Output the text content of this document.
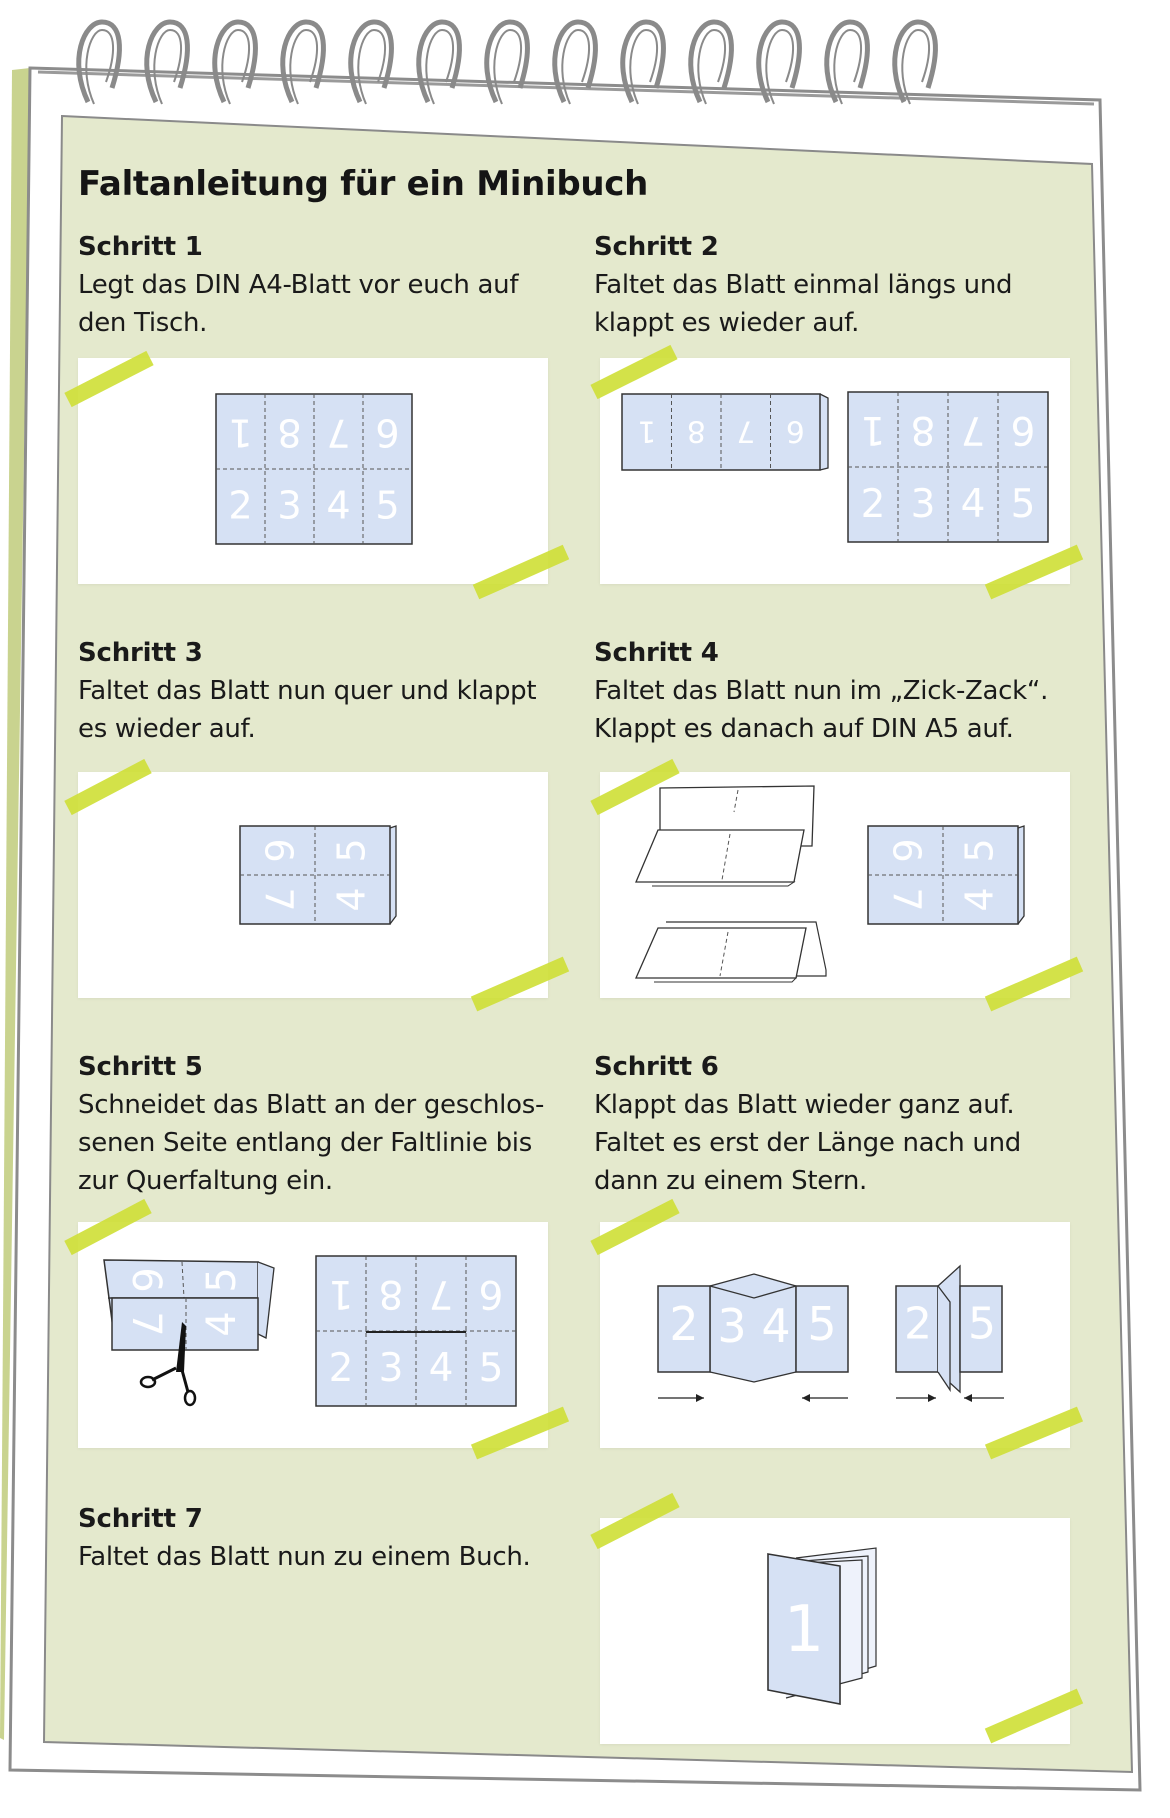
Faltanleitung für ein Minibuch
Schritt 1
Legt das DIN A4-Blatt vor euch auf
den Tisch.
Schritt 2
Faltet das Blatt einmal längs und
klappt es wieder auf.
Schritt 3
Faltet das Blatt nun quer und klappt
es wieder auf.
Schritt 4
Faltet das Blatt nun im „Zick-Zack“.
Klappt es danach auf DIN A5 auf.
Schritt 5
Schneidet das Blatt an der geschlos-
senen Seite entlang der Faltlinie bis
zur Querfaltung ein.
Schritt 6
Klappt das Blatt wieder ganz auf.
Faltet es erst der Länge nach und
dann zu einem Stern.
Schritt 7
Faltet das Blatt nun zu einem Buch.
1 8 7 6
2 3 4 5
1 8 7 6 1 8 7 6
2 3 4 5
6
7
5
4
6
7
5
4
6
7
5
4
1 8 7 6
2 3 4 5
2 3 4 5 2 5
1
